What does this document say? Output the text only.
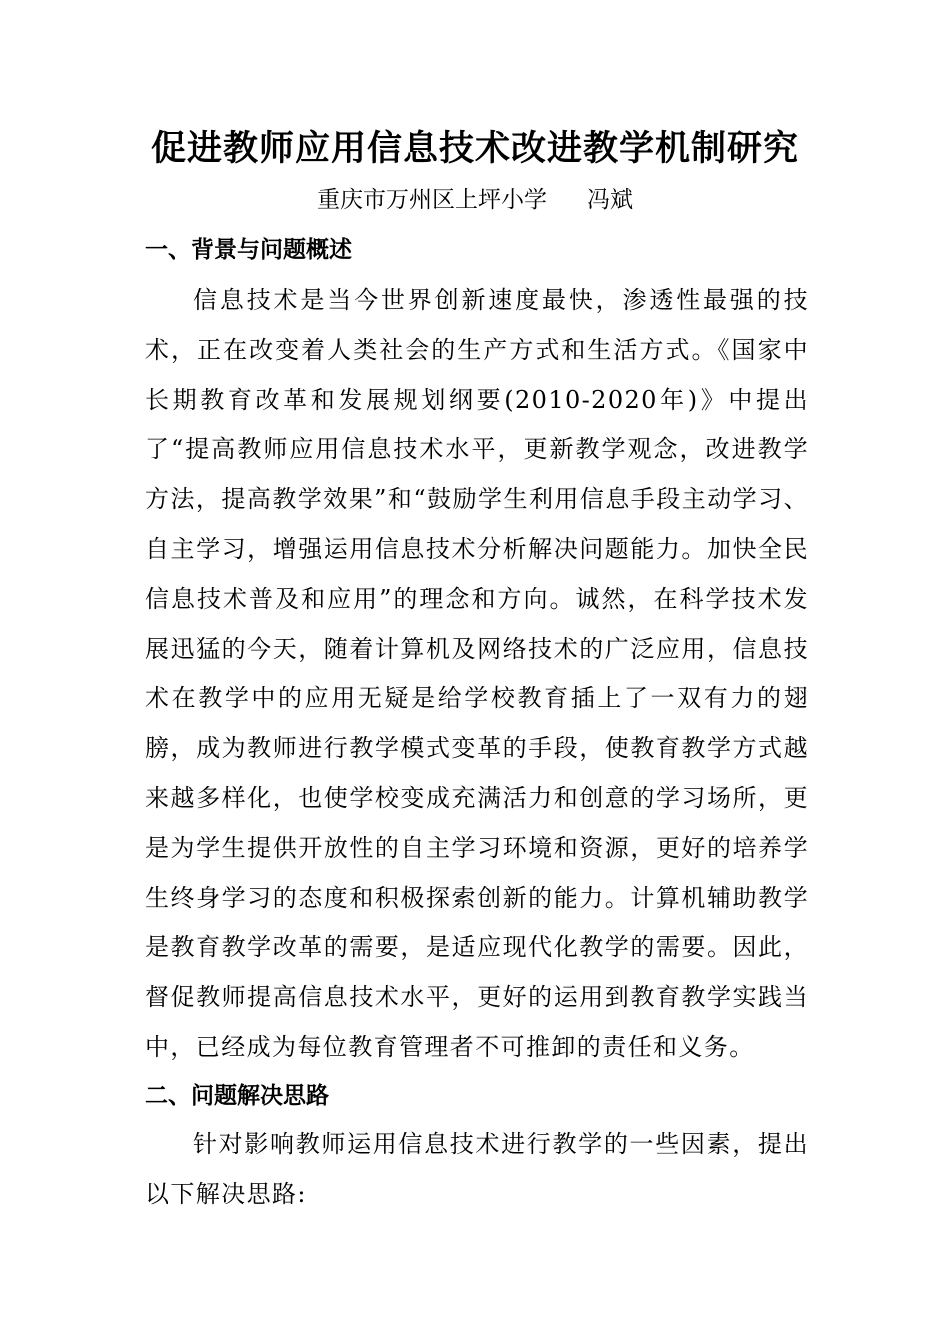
促进教师应用信息技术改进教学机制研究

重庆市万州区上坪小学 冯斌

一、背景与问题概述

信息技术是当今世界创新速度最快，渗透性最强的技术，正在改变着人类社会的生产方式和生活方式。《国家中长期教育改革和发展规划纲要(2010-2020年)》中提出了“提高教师应用信息技术水平，更新教学观念，改进教学方法，提高教学效果”和“鼓励学生利用信息手段主动学习、自主学习，增强运用信息技术分析解决问题能力。加快全民信息技术普及和应用”的理念和方向。诚然，在科学技术发展迅猛的今天，随着计算机及网络技术的广泛应用，信息技术在教学中的应用无疑是给学校教育插上了一双有力的翅膀，成为教师进行教学模式变革的手段，使教育教学方式越来越多样化，也使学校变成充满活力和创意的学习场所，更是为学生提供开放性的自主学习环境和资源，更好的培养学生终身学习的态度和积极探索创新的能力。计算机辅助教学是教育教学改革的需要，是适应现代化教学的需要。因此，督促教师提高信息技术水平，更好的运用到教育教学实践当中，已经成为每位教育管理者不可推卸的责任和义务。

二、问题解决思路

针对影响教师运用信息技术进行教学的一些因素，提出以下解决思路:
